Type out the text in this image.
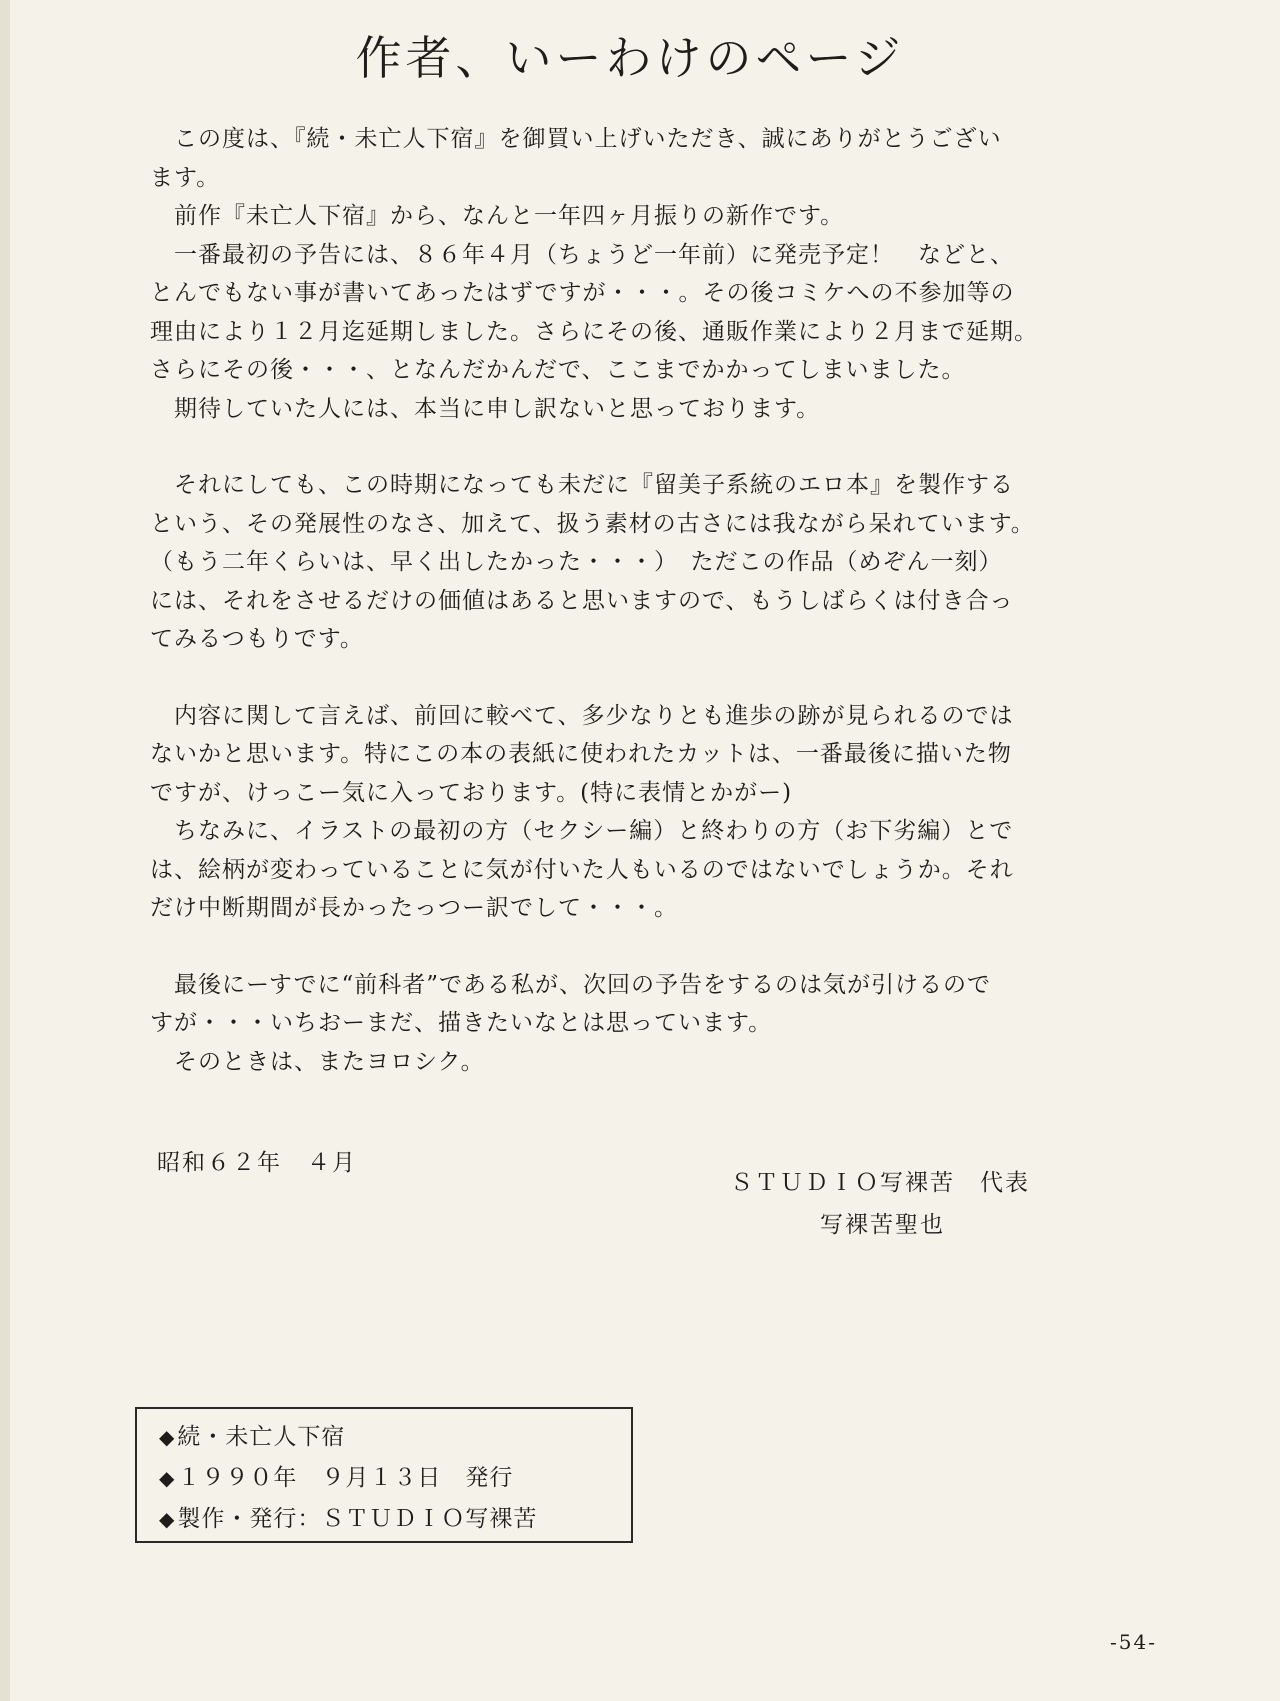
作者、いーわけのページ

　この度は、『続・未亡人下宿』を御買い上げいただき、誠にありがとうござい

ます。

　前作『未亡人下宿』から、なんと一年四ヶ月振りの新作です。

　一番最初の予告には、８６年４月（ちょうど一年前）に発売予定！　などと、

とんでもない事が書いてあったはずですが・・・。その後コミケへの不参加等の

理由により１２月迄延期しました。さらにその後、通販作業により２月まで延期。

さらにその後・・・、となんだかんだで、ここまでかかってしまいました。

　期待していた人には、本当に申し訳ないと思っております。

　それにしても、この時期になっても未だに『留美子系統のエロ本』を製作する

という、その発展性のなさ、加えて、扱う素材の古さには我ながら呆れています。

（もう二年くらいは、早く出したかった・・・）　ただこの作品（めぞん一刻）

には、それをさせるだけの価値はあると思いますので、もうしばらくは付き合っ

てみるつもりです。

　内容に関して言えば、前回に較べて、多少なりとも進歩の跡が見られるのでは

ないかと思います。特にこの本の表紙に使われたカットは、一番最後に描いた物

ですが、けっこー気に入っております。(特に表情とかがー)

　ちなみに、イラストの最初の方（セクシー編）と終わりの方（お下劣編）とで

は、絵柄が変わっていることに気が付いた人もいるのではないでしょうか。それ

だけ中断期間が長かったっつー訳でして・・・。

　最後にーすでに“前科者”である私が、次回の予告をするのは気が引けるので

すが・・・いちおーまだ、描きたいなとは思っています。

　そのときは、またヨロシク。

昭和６２年　４月
ＳＴＵＤＩＯ写裸苦　代表
写裸苦聖也
◆続・未亡人下宿
◆１９９０年　９月１３日　発行
◆製作・発行：ＳＴＵＤＩＯ写裸苦
-54-
